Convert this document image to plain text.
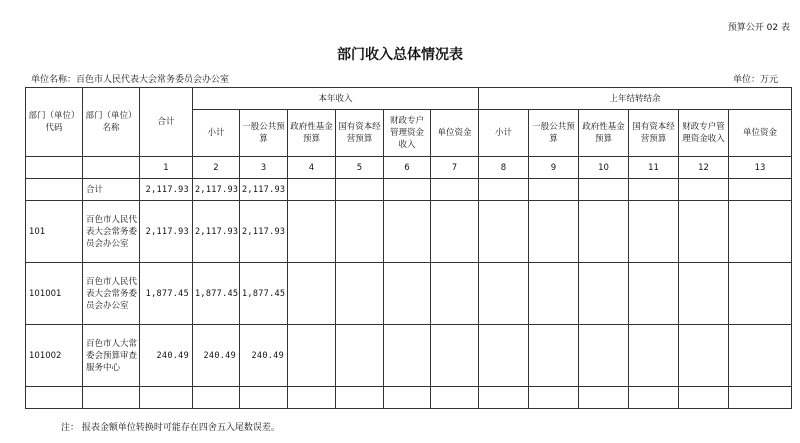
预算公开 02 表
部门收入总体情况表
单位名称：百色市人民代表大会常务委员会办公室	单位：万元
部门（单位）代码	部门（单位）名称	合计	本年收入						上年结转结余					
			小计	一般公共预算	政府性基金预算	国有资本经营预算	财政专户管理资金收入	单位资金	小计	一般公共预算	政府性基金预算	国有资本经营预算	财政专户管理资金收入	单位资金
		1	2	3	4	5	6	7	8	9	10	11	12	13
	合计	2,117.93	2,117.93	2,117.93										
101	百色市人民代表大会常务委员会办公室	2,117.93	2,117.93	2,117.93										
101001	百色市人民代表大会常务委员会办公室	1,877.45	1,877.45	1,877.45										
101002	百色市人大常委会预算审查服务中心	240.49	240.49	240.49										

注： 报表金额单位转换时可能存在四舍五入尾数误差。
